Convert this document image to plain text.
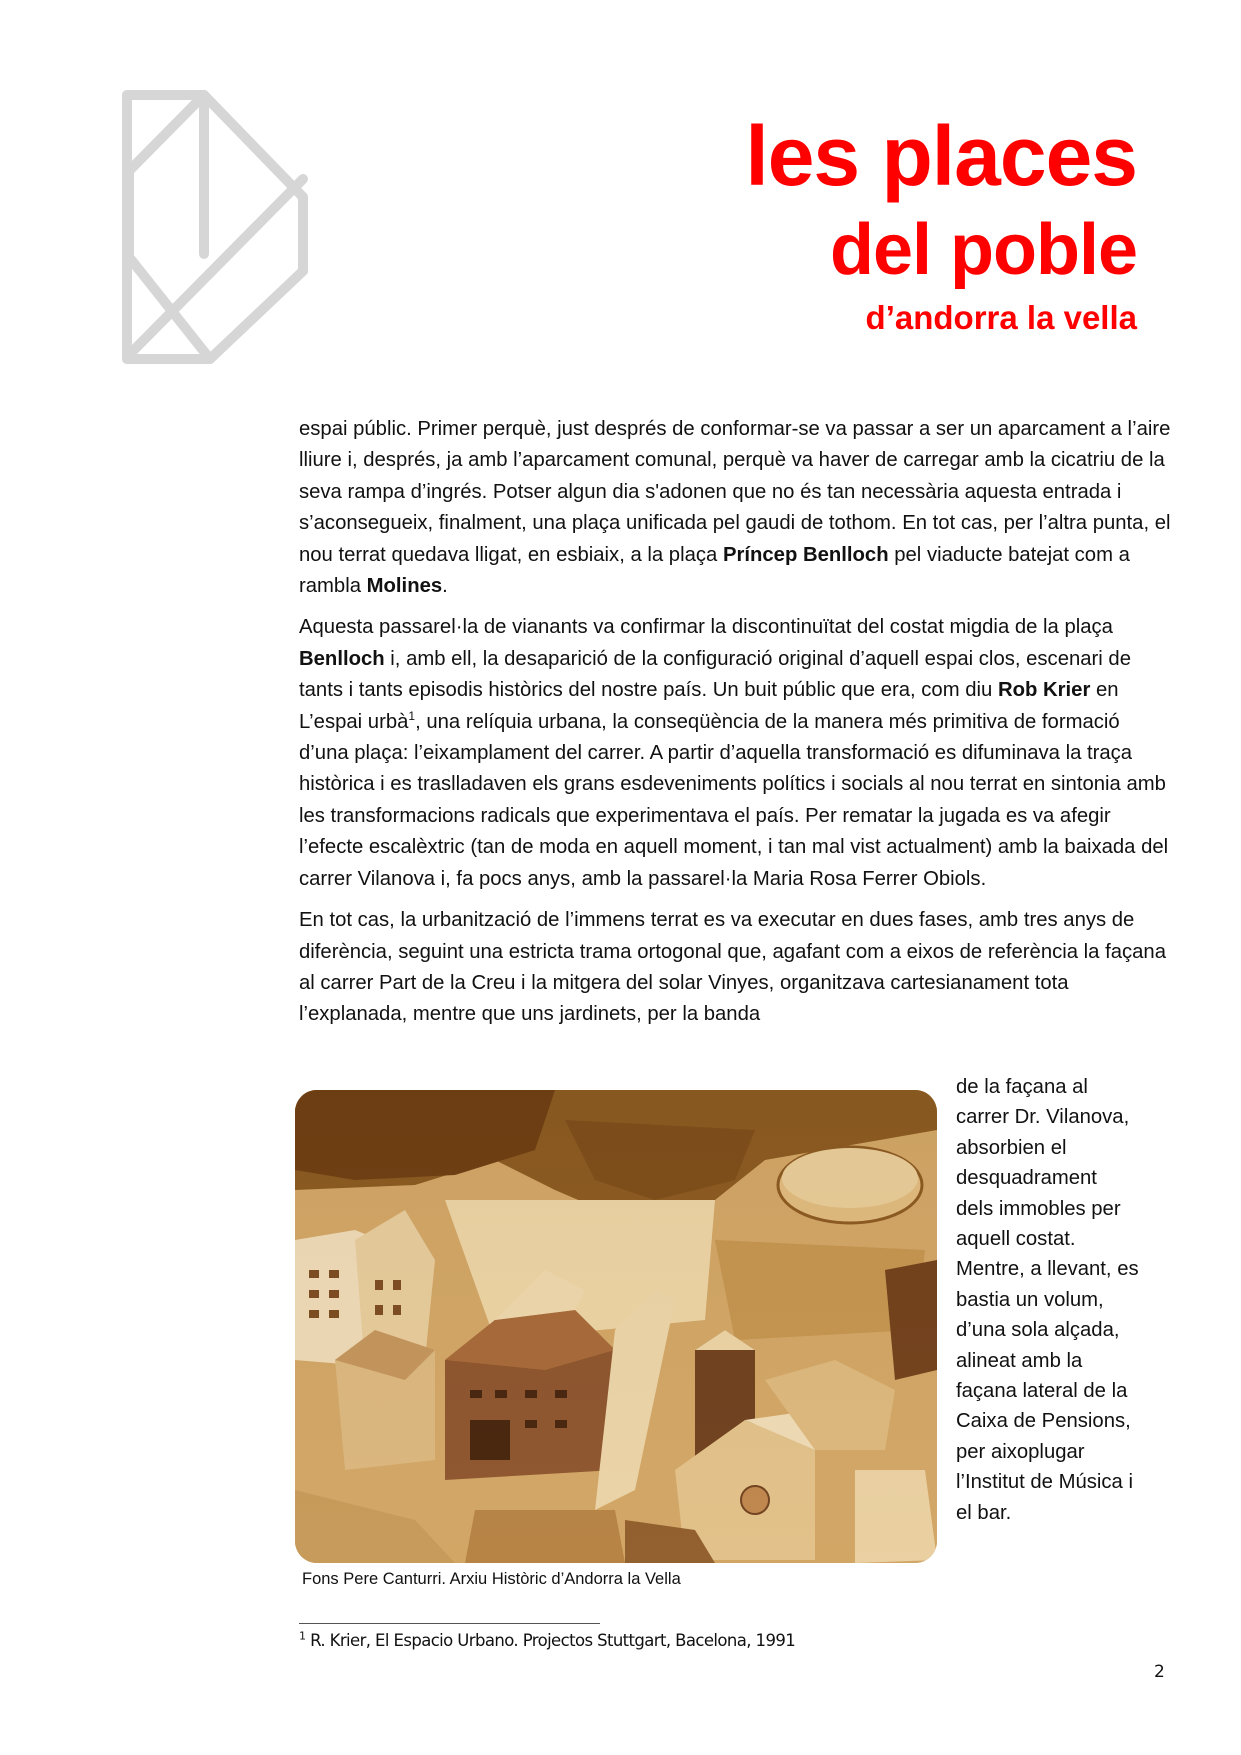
les places
del poble
d’andorra la vella

espai públic. Primer perquè, just després de conformar-se va passar a ser un aparcament a l’aire lliure i, després, ja amb l’aparcament comunal, perquè va haver de carregar amb la cicatriu de la seva rampa d’ingrés. Potser algun dia s'adonen que no és tan necessària aquesta entrada i s’aconsegueix, finalment, una plaça unificada pel gaudi de tothom. En tot cas, per l’altra punta, el nou terrat quedava lligat, en esbiaix, a la plaça Príncep Benlloch pel viaducte batejat com a rambla Molines.

Aquesta passarel·la de vianants va confirmar la discontinuïtat del costat migdia de la plaça Benlloch i, amb ell, la desaparició de la configuració original d’aquell espai clos, escenari de tants i tants episodis històrics del nostre país. Un buit públic que era, com diu Rob Krier en L’espai urbà$^1$, una relíquia urbana, la conseqüència de la manera més primitiva de formació d’una plaça: l’eixamplament del carrer. A partir d’aquella transformació es difuminava la traça històrica i es traslladaven els grans esdeveniments polítics i socials al nou terrat en sintonia amb les transformacions radicals que experimentava el país. Per rematar la jugada es va afegir l’efecte escalèxtric (tan de moda en aquell moment, i tan mal vist actualment) amb la baixada del carrer Vilanova i, fa pocs anys, amb la passarel·la Maria Rosa Ferrer Obiols.

En tot cas, la urbanització de l’immens terrat es va executar en dues fases, amb tres anys de diferència, seguint una estricta trama ortogonal que, agafant com a eixos de referència la façana al carrer Part de la Creu i la mitgera del solar Vinyes, organitzava cartesianament tota l’explanada, mentre que uns jardinets, per la banda

de la façana al
carrer Dr. Vilanova,
absorbien el
desquadrament
dels immobles per
aquell costat.
Mentre, a llevant, es
bastia un volum,
d’una sola alçada,
alineat amb la
façana lateral de la
Caixa de Pensions,
per aixoplugar
l’Institut de Música i
el bar.
Fons Pere Canturri. Arxiu Històric d’Andorra la Vella
$^1$ R. Krier, El Espacio Urbano. Projectos Stuttgart, Bacelona, 1991
2
